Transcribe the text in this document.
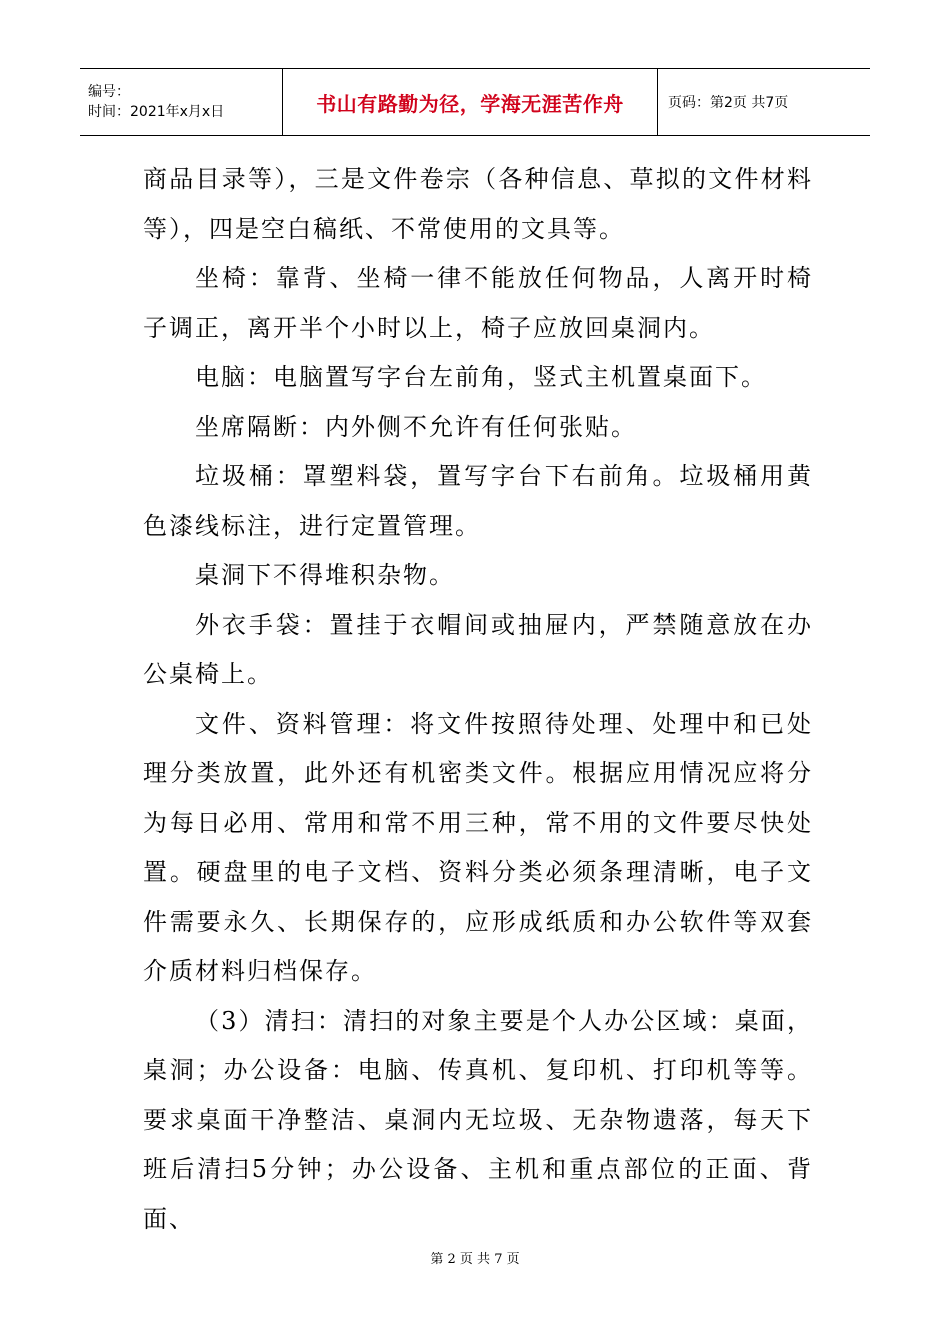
编号：
时间：2021年x月x日	书山有路勤为径，学海无涯苦作舟	页码：第2页 共7页

商品目录等），三是文件卷宗（各种信息、草拟的文件材料等），四是空白稿纸、不常使用的文具等。

坐椅：靠背、坐椅一律不能放任何物品，人离开时椅子调正，离开半个小时以上，椅子应放回桌洞内。

电脑：电脑置写字台左前角，竖式主机置桌面下。

坐席隔断：内外侧不允许有任何张贴。

垃圾桶：罩塑料袋，置写字台下右前角。垃圾桶用黄色漆线标注，进行定置管理。

桌洞下不得堆积杂物。

外衣手袋：置挂于衣帽间或抽屉内，严禁随意放在办公桌椅上。

文件、资料管理：将文件按照待处理、处理中和已处理分类放置，此外还有机密类文件。根据应用情况应将分为每日必用、常用和常不用三种，常不用的文件要尽快处置。硬盘里的电子文档、资料分类必须条理清晰，电子文件需要永久、长期保存的，应形成纸质和办公软件等双套介质材料归档保存。

（3）清扫：清扫的对象主要是个人办公区域：桌面，桌洞；办公设备：电脑、传真机、复印机、打印机等等。要求桌面干净整洁、桌洞内无垃圾、无杂物遗落，每天下班后清扫5分钟；办公设备、主机和重点部位的正面、背面、

第 2 页 共 7 页
